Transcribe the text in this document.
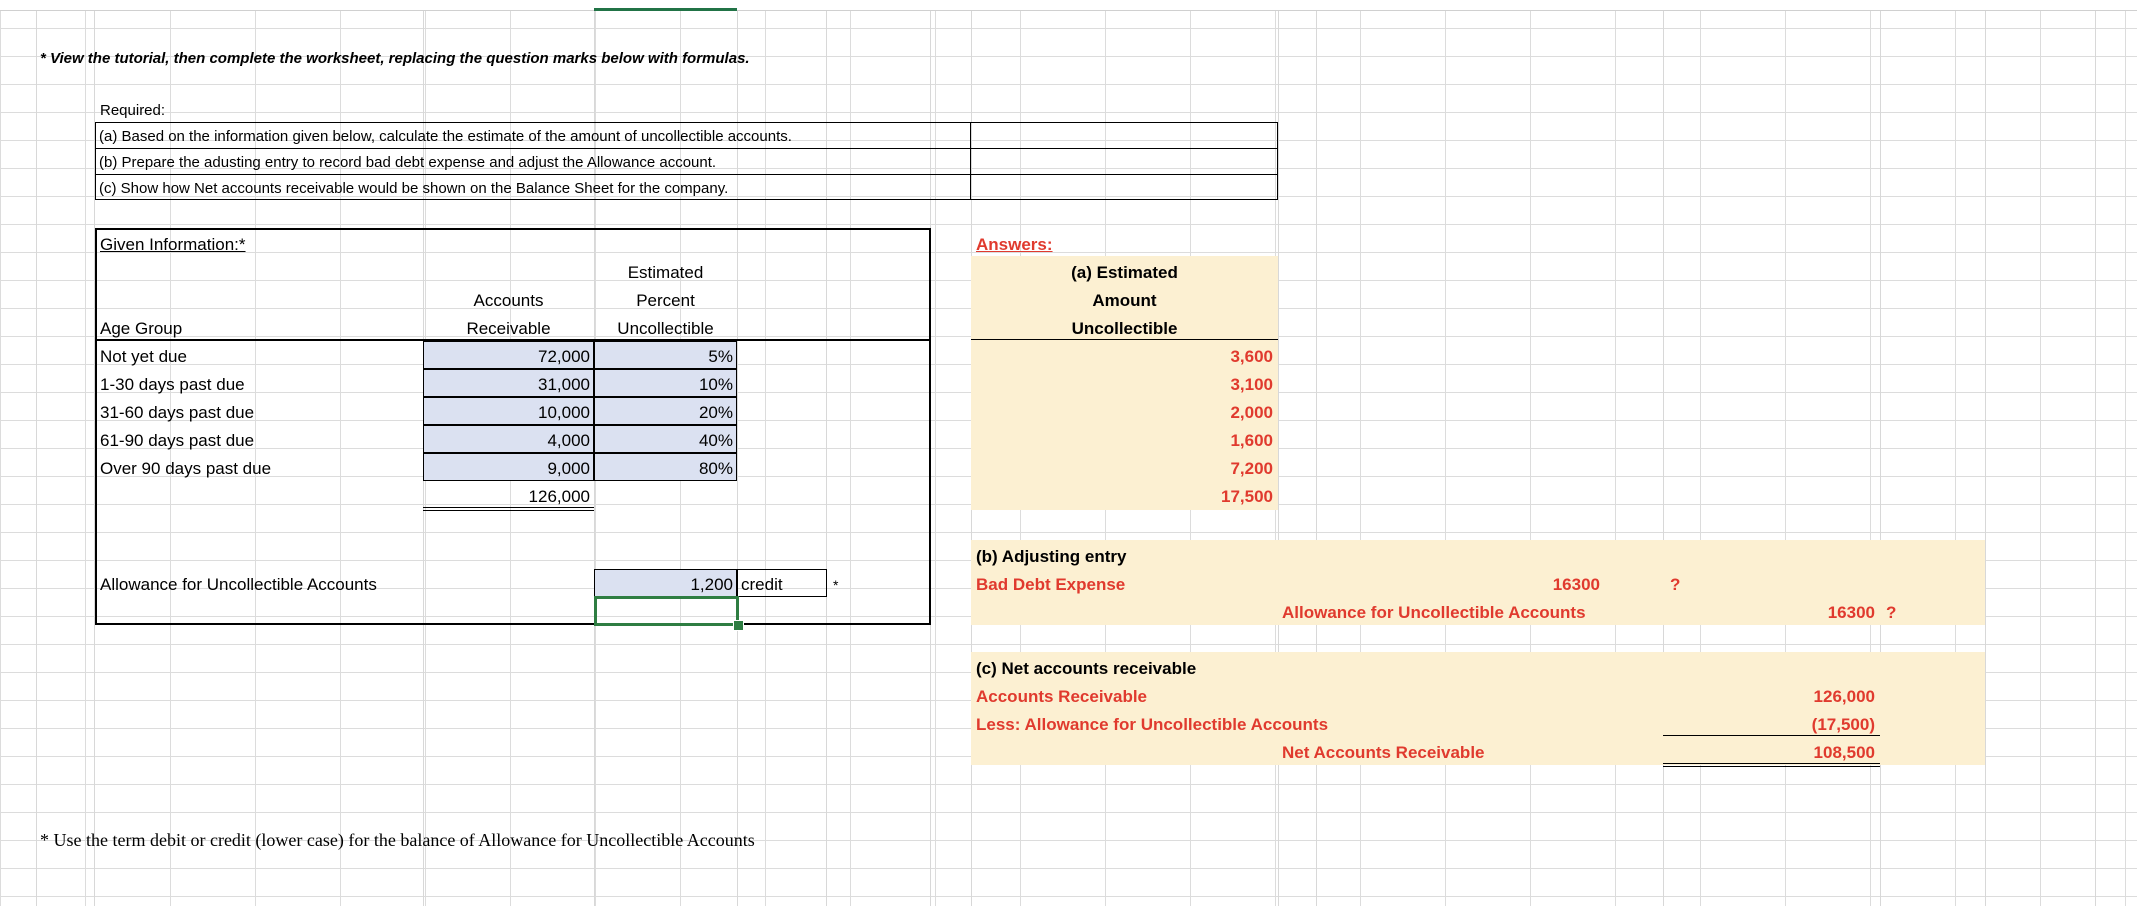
* View the tutorial, then complete the worksheet, replacing the question marks below with formulas.
Required:
(a) Based on the information given below, calculate the estimate of the amount of uncollectible accounts.
(b) Prepare the adusting entry to record bad debt expense and adjust the Allowance account.
(c) Show how Net accounts receivable would be shown on the Balance Sheet for the company.
Given Information:*
Estimated
Accounts	Percent
Age Group	Receivable	Uncollectible
Not yet due	72,000	5%
1-30 days past due	31,000	10%
31-60 days past due	10,000	20%
61-90 days past due	4,000	40%
Over 90 days past due	9,000	80%
126,000
Allowance for Uncollectible Accounts	1,200 credit	*
Answers:
(a) Estimated
Amount
Uncollectible
3,600
3,100
2,000
1,600
7,200
17,500
(b) Adjusting entry
Bad Debt Expense	16300	?
Allowance for Uncollectible Accounts	16300 ?
(c) Net accounts receivable
Accounts Receivable	126,000
Less: Allowance for Uncollectible Accounts	(17,500)
Net Accounts Receivable	108,500
* Use the term debit or credit (lower case) for the balance of Allowance for Uncollectible Accounts
